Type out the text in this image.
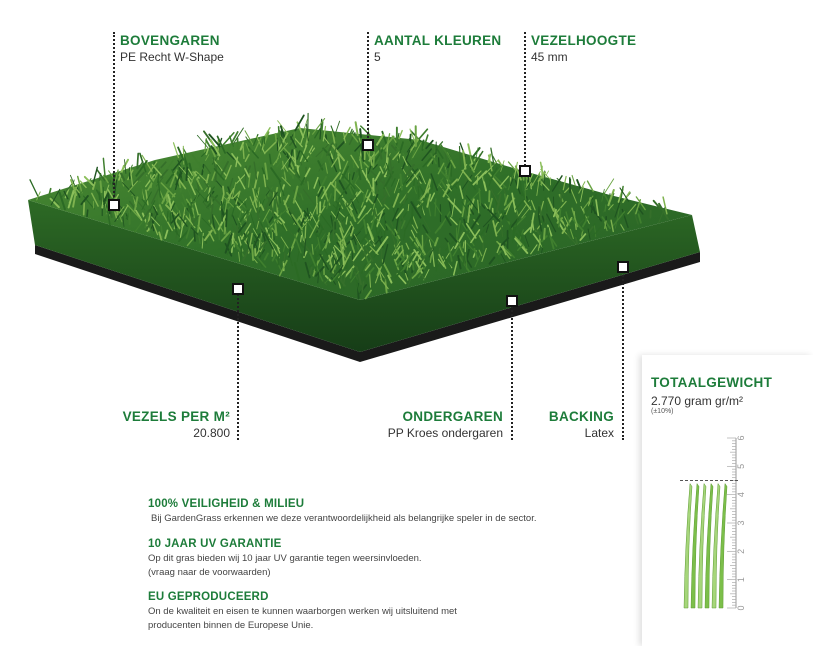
BOVENGAREN
PE Recht W-Shape
AANTAL KLEUREN
5
VEZELHOOGTE
45 mm
VEZELS PER M²
20.800
ONDERGAREN
PP Kroes ondergaren
BACKING
Latex
100% VEILIGHEID & MILIEU
Bij GardenGrass erkennen we deze verantwoordelijkheid als belangrijke speler in de sector.
10 JAAR UV GARANTIE
Op dit gras bieden wij 10 jaar UV garantie tegen weersinvloeden.
(vraag naar de voorwaarden)
EU GEPRODUCEERD
On de kwaliteit en eisen te kunnen waarborgen werken wij uitsluitend met
producenten binnen de Europese Unie.
TOTAALGEWICHT
2.770 gram gr/m²
(±10%)
0
1
2
3
4
5
6
